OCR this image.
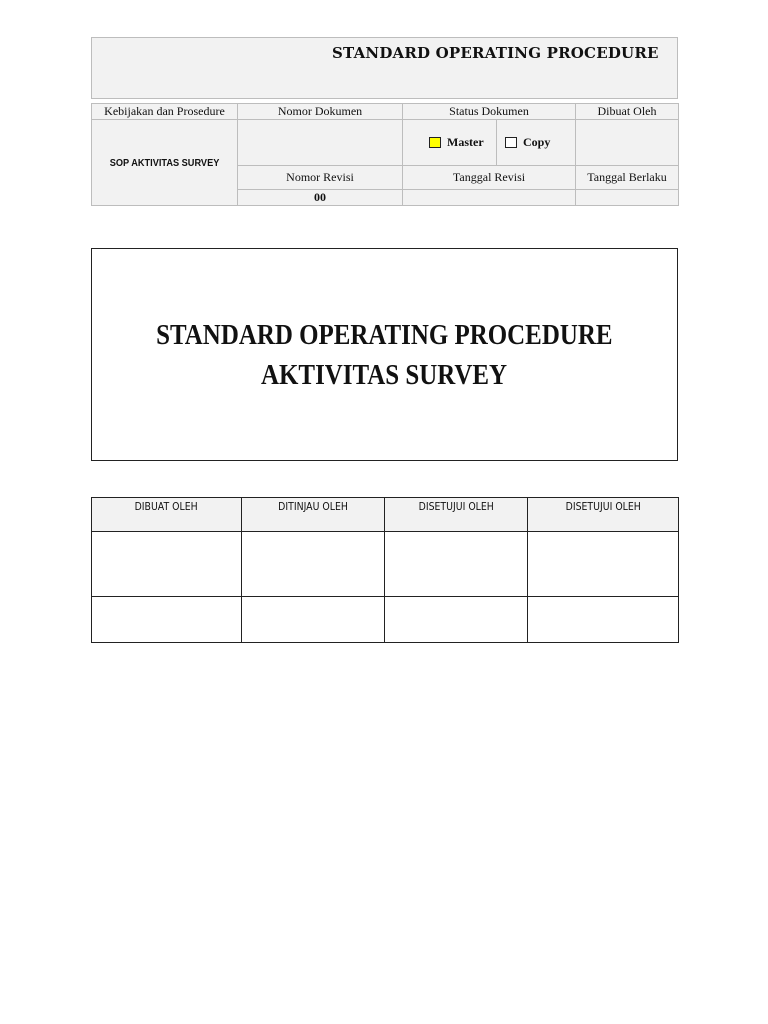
STANDARD OPERATING PROCEDURE
Kebijakan dan Prosedure	Nomor Dokumen	Status Dokumen	Dibuat Oleh
SOP AKTIVITAS SURVEY		Master Copy	

	Nomor Revisi	Tanggal Revisi	Tanggal Berlaku
	00		
STANDARD OPERATING PROCEDURE
AKTIVITAS SURVEY
DIBUAT OLEH	DITINJAU OLEH	DISETUJUI OLEH	DISETUJUI OLEH
